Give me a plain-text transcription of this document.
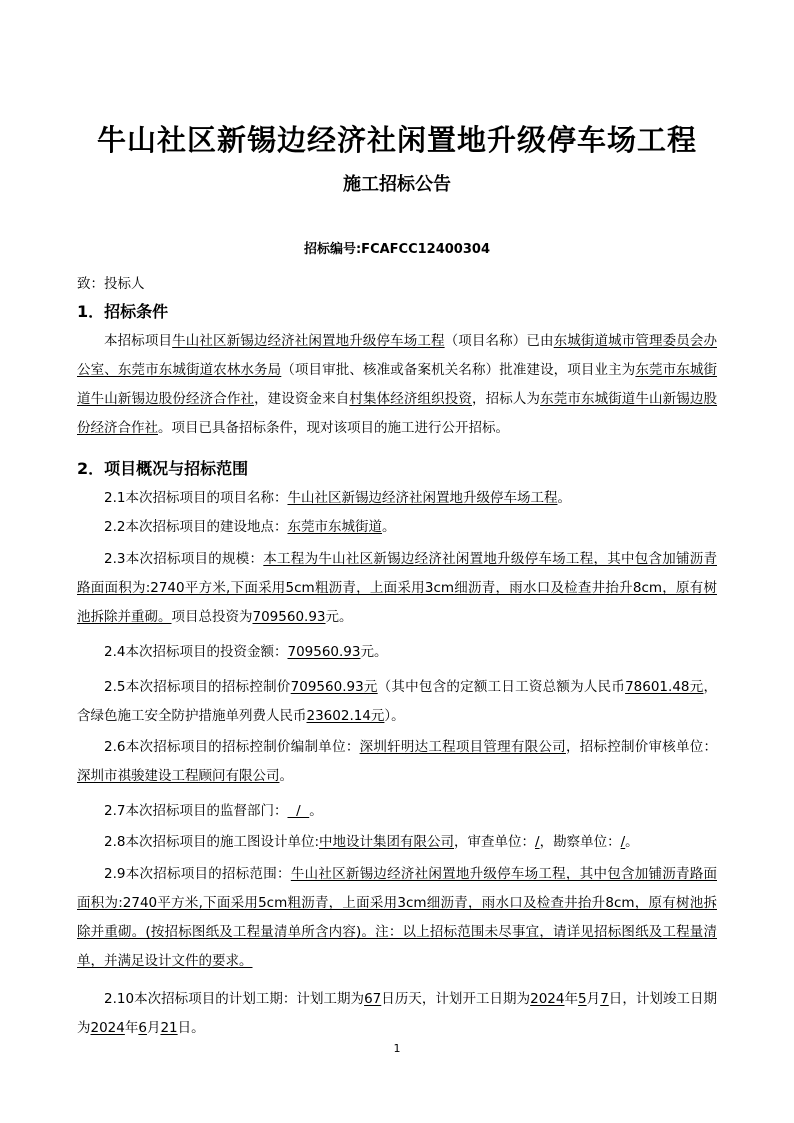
牛山社区新锡边经济社闲置地升级停车场工程
施工招标公告
招标编号:FCAFCC12400304
致：投标人
1．招标条件

本招标项目牛山社区新锡边经济社闲置地升级停车场工程（项目名称）已由东城街道城市管理委员会办公室、东莞市东城街道农林水务局（项目审批、核准或备案机关名称）批准建设，项目业主为东莞市东城街道牛山新锡边股份经济合作社，建设资金来自村集体经济组织投资，招标人为东莞市东城街道牛山新锡边股份经济合作社。项目已具备招标条件，现对该项目的施工进行公开招标。

2．项目概况与招标范围

2.1本次招标项目的项目名称：牛山社区新锡边经济社闲置地升级停车场工程。

2.2本次招标项目的建设地点：东莞市东城街道。

2.3本次招标项目的规模：本工程为牛山社区新锡边经济社闲置地升级停车场工程，其中包含加铺沥青路面面积为:2740平方米,下面采用5cm粗沥青，上面采用3cm细沥青，雨水口及检查井抬升8cm，原有树池拆除并重砌。项目总投资为709560.93元。

2.4本次招标项目的投资金额：709560.93元。

2.5本次招标项目的招标控制价709560.93元（其中包含的定额工日工资总额为人民币78601.48元，含绿色施工安全防护措施单列费人民币23602.14元）。

2.6本次招标项目的招标控制价编制单位：深圳轩明达工程项目管理有限公司，招标控制价审核单位：深圳市祺骏建设工程顾问有限公司。

2.7本次招标项目的监督部门：  /  。

2.8本次招标项目的施工图设计单位:中地设计集团有限公司，审查单位：/，勘察单位：/。

2.9本次招标项目的招标范围：牛山社区新锡边经济社闲置地升级停车场工程，其中包含加铺沥青路面面积为:2740平方米,下面采用5cm粗沥青，上面采用3cm细沥青，雨水口及检查井抬升8cm，原有树池拆除并重砌。(按招标图纸及工程量清单所含内容)。注：以上招标范围未尽事宜，请详见招标图纸及工程量清单，并满足设计文件的要求。

2.10本次招标项目的计划工期：计划工期为67日历天，计划开工日期为2024年5月7日，计划竣工日期为2024年6月21日。

1
